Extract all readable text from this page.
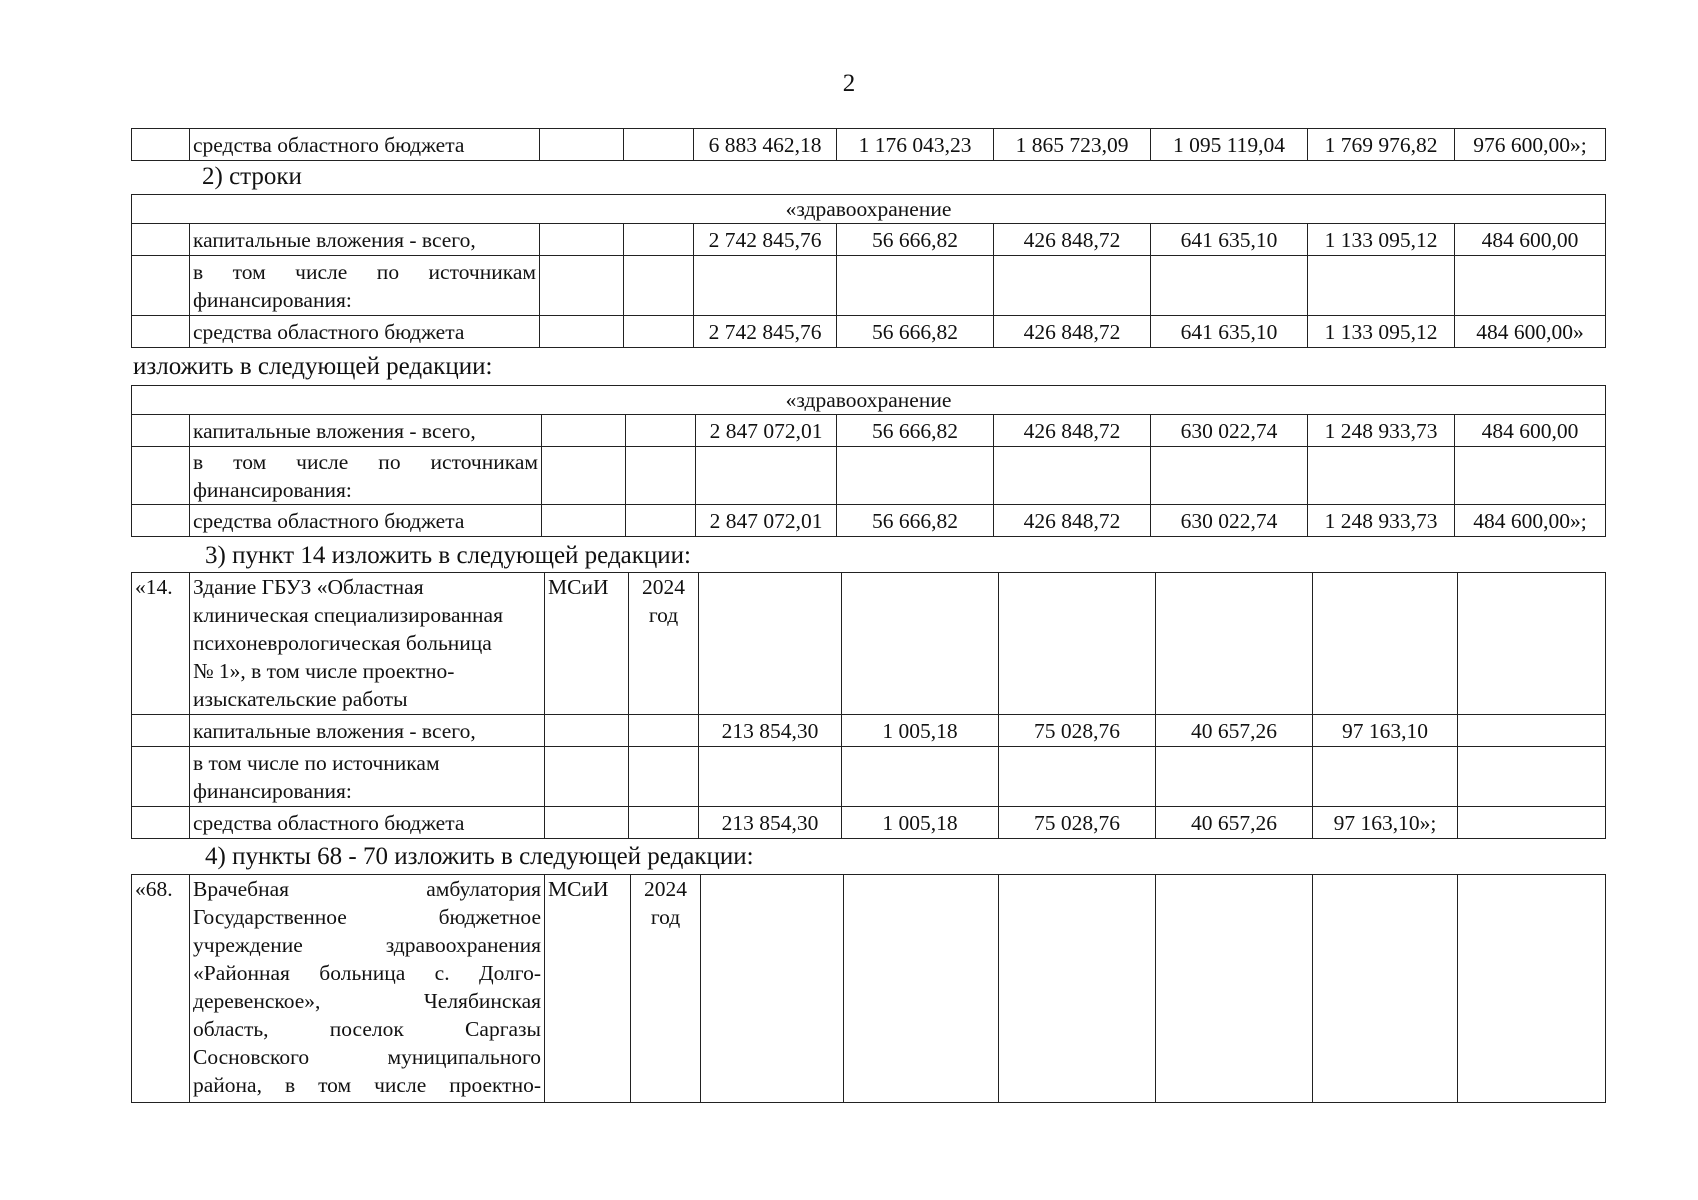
2
	средства областного бюджета			6 883 462,18	1 176 043,23	1 865 723,09	1 095 119,04	1 769 976,82	976 600,00»;
2) строки
«здравоохранение									
	капитальные вложения - всего,			2 742 845,76	56 666,82	426 848,72	641 635,10	1 133 095,12	484 600,00

	в том числе по источникам
финансирования:								

	средства областного бюджета			2 742 845,76	56 666,82	426 848,72	641 635,10	1 133 095,12	484 600,00»
изложить в следующей редакции:
«здравоохранение									
	капитальные вложения - всего,			2 847 072,01	56 666,82	426 848,72	630 022,74	1 248 933,73	484 600,00

	в том числе по источникам
финансирования:								

	средства областного бюджета			2 847 072,01	56 666,82	426 848,72	630 022,74	1 248 933,73	484 600,00»;
3) пункт 14 изложить в следующей редакции:
«14.	Здание ГБУЗ «Областная
клиническая специализированная
психоневрологическая больница
№ 1», в том числе проектно-
изыскательские работы	МСиИ	2024
год						

	капитальные вложения - всего,			213 854,30	1 005,18	75 028,76	40 657,26	97 163,10	

	в том числе по источникам
финансирования:								

	средства областного бюджета			213 854,30	1 005,18	75 028,76	40 657,26	97 163,10»;	
4) пункты 68 - 70 изложить в следующей редакции:
«68.	Врачебная амбулатория
Государственное бюджетное
учреждение здравоохранения
«Районная больница с. Долго-
деревенское», Челябинская
область, поселок Саргазы
Сосновского муниципального
района, в том числе проектно-
	МСиИ	2024
год
